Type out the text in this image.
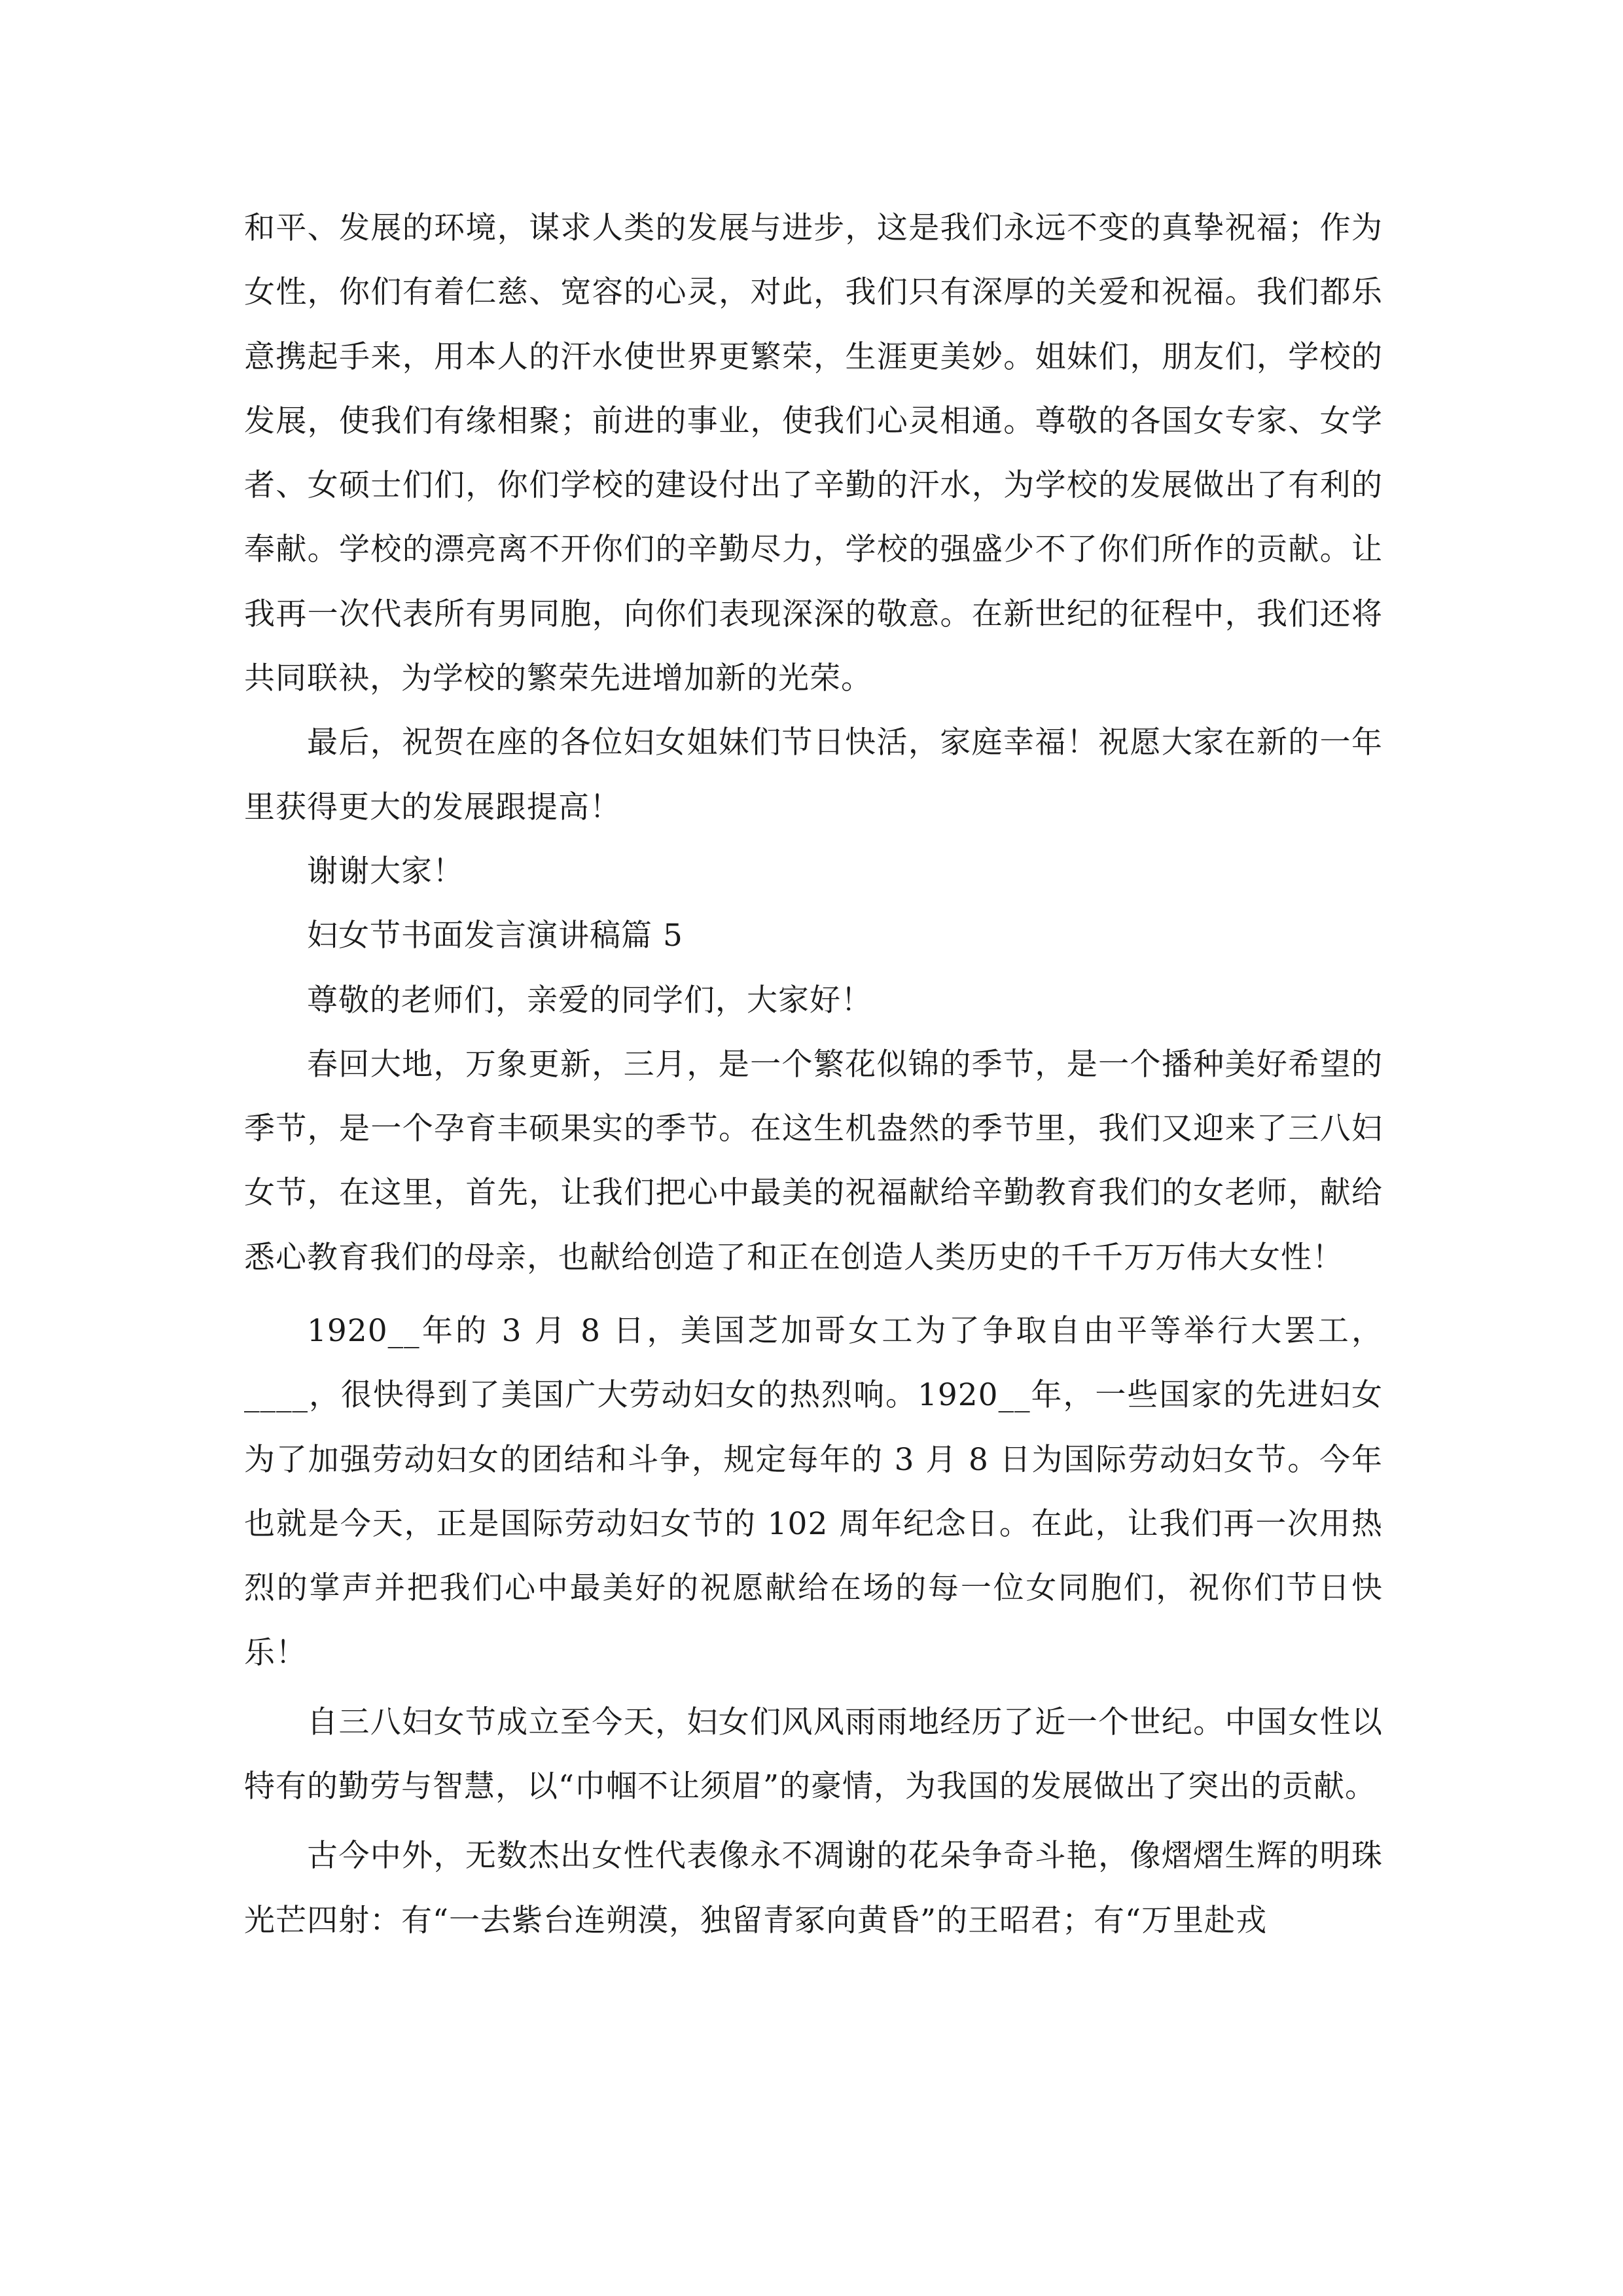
和平、发展的环境，谋求人类的发展与进步，这是我们永远不变的真挚祝福；作为女性，你们有着仁慈、宽容的心灵，对此，我们只有深厚的关爱和祝福。我们都乐意携起手来，用本人的汗水使世界更繁荣，生涯更美妙。姐妹们，朋友们，学校的发展，使我们有缘相聚；前进的事业，使我们心灵相通。尊敬的各国女专家、女学者、女硕士们们，你们学校的建设付出了辛勤的汗水，为学校的发展做出了有利的奉献。学校的漂亮离不开你们的辛勤尽力，学校的强盛少不了你们所作的贡献。让我再一次代表所有男同胞，向你们表现深深的敬意。在新世纪的征程中，我们还将共同联袂，为学校的繁荣先进增加新的光荣。

最后，祝贺在座的各位妇女姐妹们节日快活，家庭幸福！祝愿大家在新的一年里获得更大的发展跟提高！

谢谢大家！

妇女节书面发言演讲稿篇 5

尊敬的老师们，亲爱的同学们，大家好！

春回大地，万象更新，三月，是一个繁花似锦的季节，是一个播种美好希望的季节，是一个孕育丰硕果实的季节。在这生机盎然的季节里，我们又迎来了三八妇女节，在这里，首先，让我们把心中最美的祝福献给辛勤教育我们的女老师，献给悉心教育我们的母亲，也献给创造了和正在创造人类历史的千千万万伟大女性！

1920__年的 3 月 8 日，美国芝加哥女工为了争取自由平等举行大罢工，____，很快得到了美国广大劳动妇女的热烈响。1920__年，一些国家的先进妇女为了加强劳动妇女的团结和斗争，规定每年的 3 月 8 日为国际劳动妇女节。今年也就是今天，正是国际劳动妇女节的 102 周年纪念日。在此，让我们再一次用热烈的掌声并把我们心中最美好的祝愿献给在场的每一位女同胞们，祝你们节日快乐！

自三八妇女节成立至今天，妇女们风风雨雨地经历了近一个世纪。中国女性以特有的勤劳与智慧，以“巾帼不让须眉”的豪情，为我国的发展做出了突出的贡献。

古今中外，无数杰出女性代表像永不凋谢的花朵争奇斗艳，像熠熠生辉的明珠光芒四射：有“一去紫台连朔漠，独留青冢向黄昏”的王昭君；有“万里赴戎
